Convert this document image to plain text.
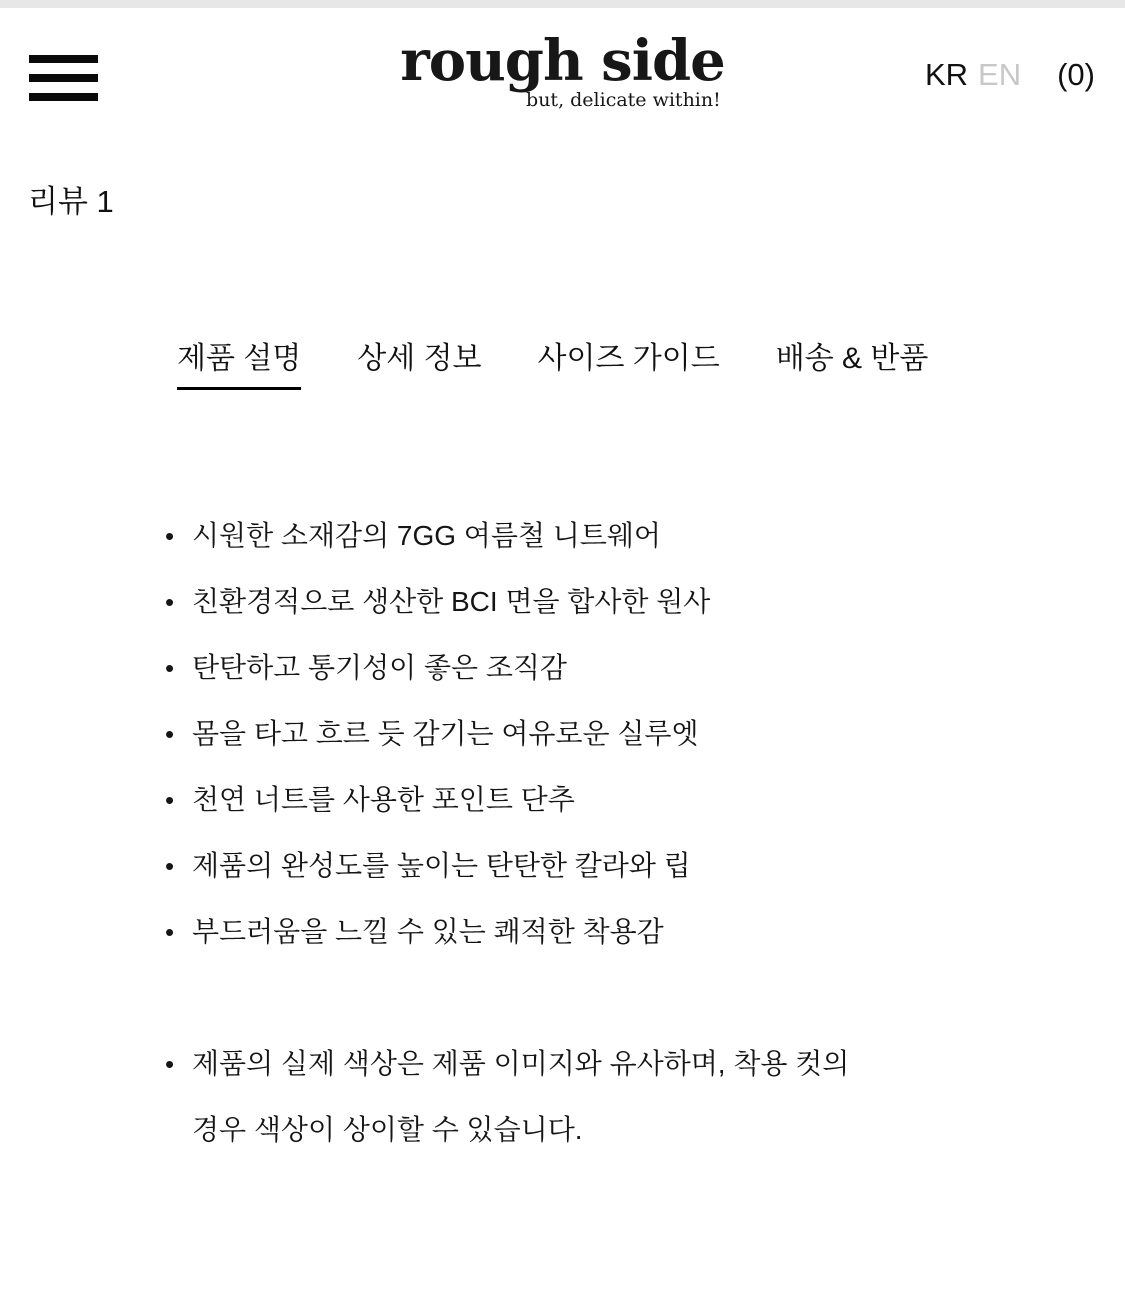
rough side
but, delicate within!
KR EN (0)
리뷰 1
제품 설명 상세 정보 사이즈 가이드 배송 & 반품
• 시원한 소재감의 7GG 여름철 니트웨어
• 친환경적으로 생산한 BCI 면을 합사한 원사
• 탄탄하고 통기성이 좋은 조직감
• 몸을 타고 흐르 듯 감기는 여유로운 실루엣
• 천연 너트를 사용한 포인트 단추
• 제품의 완성도를 높이는 탄탄한 칼라와 립
• 부드러움을 느낄 수 있는 쾌적한 착용감
• 제품의 실제 색상은 제품 이미지와 유사하며, 착용 컷의
경우 색상이 상이할 수 있습니다.
